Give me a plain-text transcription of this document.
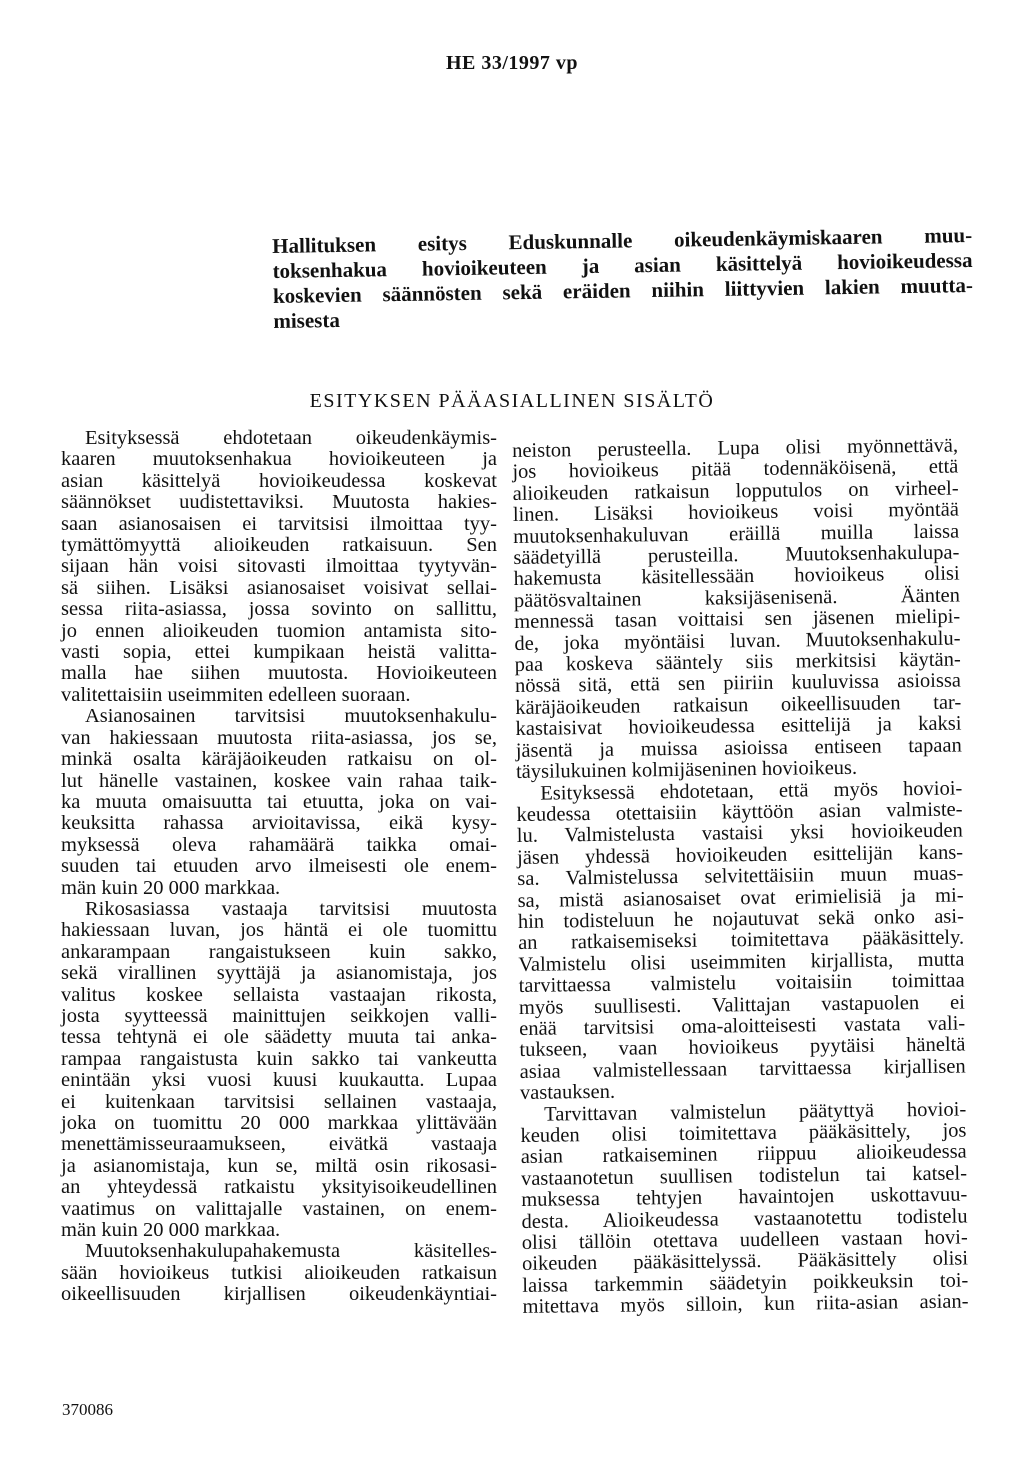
HE 33/1997 vp
Hallituksen esitys Eduskunnalle oikeudenkäymiskaaren muu-
toksenhakua hovioikeuteen ja asian käsittelyä hovioikeudessa
koskevien säännösten sekä eräiden niihin liittyvien lakien muutta-
misesta
ESITYKSEN PÄÄASIALLINEN SISÄLTÖ
Esityksessä ehdotetaan oikeudenkäymis-
kaaren muutoksenhakua hovioikeuteen ja
asian käsittelyä hovioikeudessa koskevat
säännökset uudistettaviksi. Muutosta hakies-
saan asianosaisen ei tarvitsisi ilmoittaa tyy-
tymättömyyttä alioikeuden ratkaisuun. Sen
sijaan hän voisi sitovasti ilmoittaa tyytyvän-
sä siihen. Lisäksi asianosaiset voisivat sellai-
sessa riita-asiassa, jossa sovinto on sallittu,
jo ennen alioikeuden tuomion antamista sito-
vasti sopia, ettei kumpikaan heistä valitta-
malla hae siihen muutosta. Hovioikeuteen
valitettaisiin useimmiten edelleen suoraan.
Asianosainen tarvitsisi muutoksenhakulu-
van hakiessaan muutosta riita-asiassa, jos se,
minkä osalta käräjäoikeuden ratkaisu on ol-
lut hänelle vastainen, koskee vain rahaa taik-
ka muuta omaisuutta tai etuutta, joka on vai-
keuksitta rahassa arvioitavissa, eikä kysy-
myksessä oleva rahamäärä taikka omai-
suuden tai etuuden arvo ilmeisesti ole enem-
män kuin 20 000 markkaa.
Rikosasiassa vastaaja tarvitsisi muutosta
hakiessaan luvan, jos häntä ei ole tuomittu
ankarampaan rangaistukseen kuin sakko,
sekä virallinen syyttäjä ja asianomistaja, jos
valitus koskee sellaista vastaajan rikosta,
josta syytteessä mainittujen seikkojen valli-
tessa tehtynä ei ole säädetty muuta tai anka-
rampaa rangaistusta kuin sakko tai vankeutta
enintään yksi vuosi kuusi kuukautta. Lupaa
ei kuitenkaan tarvitsisi sellainen vastaaja,
joka on tuomittu 20 000 markkaa ylittävään
menettämisseuraamukseen, eivätkä vastaaja
ja asianomistaja, kun se, miltä osin rikosasi-
an yhteydessä ratkaistu yksityisoikeudellinen
vaatimus on valittajalle vastainen, on enem-
män kuin 20 000 markkaa.
Muutoksenhakulupahakemusta käsitelles-
sään hovioikeus tutkisi alioikeuden ratkaisun
oikeellisuuden kirjallisen oikeudenkäyntiai-
neiston perusteella. Lupa olisi myönnettävä,
jos hovioikeus pitää todennäköisenä, että
alioikeuden ratkaisun lopputulos on virheel-
linen. Lisäksi hovioikeus voisi myöntää
muutoksenhakuluvan eräillä muilla laissa
säädetyillä perusteilla. Muutoksenhakulupa-
hakemusta käsitellessään hovioikeus olisi
päätösvaltainen kaksijäsenisenä. Äänten
mennessä tasan voittaisi sen jäsenen mielipi-
de, joka myöntäisi luvan. Muutoksenhakulu-
paa koskeva sääntely siis merkitsisi käytän-
nössä sitä, että sen piiriin kuuluvissa asioissa
käräjäoikeuden ratkaisun oikeellisuuden tar-
kastaisivat hovioikeudessa esittelijä ja kaksi
jäsentä ja muissa asioissa entiseen tapaan
täysilukuinen kolmijäseninen hovioikeus.
Esityksessä ehdotetaan, että myös hovioi-
keudessa otettaisiin käyttöön asian valmiste-
lu. Valmistelusta vastaisi yksi hovioikeuden
jäsen yhdessä hovioikeuden esittelijän kans-
sa. Valmistelussa selvitettäisiin muun muas-
sa, mistä asianosaiset ovat erimielisiä ja mi-
hin todisteluun he nojautuvat sekä onko asi-
an ratkaisemiseksi toimitettava pääkäsittely.
Valmistelu olisi useimmiten kirjallista, mutta
tarvittaessa valmistelu voitaisiin toimittaa
myös suullisesti. Valittajan vastapuolen ei
enää tarvitsisi oma-aloitteisesti vastata vali-
tukseen, vaan hovioikeus pyytäisi häneltä
asiaa valmistellessaan tarvittaessa kirjallisen
vastauksen.
Tarvittavan valmistelun päätyttyä hovioi-
keuden olisi toimitettava pääkäsittely, jos
asian ratkaiseminen riippuu alioikeudessa
vastaanotetun suullisen todistelun tai katsel-
muksessa tehtyjen havaintojen uskottavuu-
desta. Alioikeudessa vastaanotettu todistelu
olisi tällöin otettava uudelleen vastaan hovi-
oikeuden pääkäsittelyssä. Pääkäsittely olisi
laissa tarkemmin säädetyin poikkeuksin toi-
mitettava myös silloin, kun riita-asian asian-
370086
